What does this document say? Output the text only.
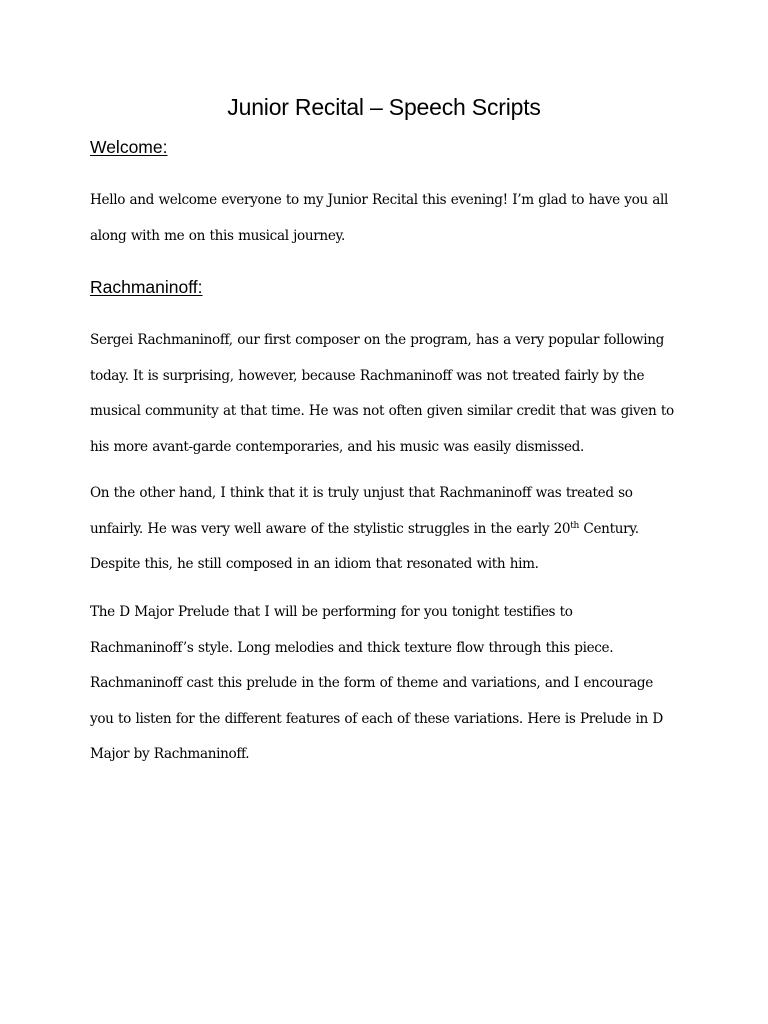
Junior Recital – Speech Scripts
Welcome:

Hello and welcome everyone to my Junior Recital this evening! I’m glad to have you all
along with me on this musical journey.

Rachmaninoff:

Sergei Rachmaninoff, our first composer on the program, has a very popular following
today. It is surprising, however, because Rachmaninoff was not treated fairly by the
musical community at that time. He was not often given similar credit that was given to
his more avant-garde contemporaries, and his music was easily dismissed.

On the other hand, I think that it is truly unjust that Rachmaninoff was treated so
unfairly. He was very well aware of the stylistic struggles in the early 20th Century.
Despite this, he still composed in an idiom that resonated with him.

The D Major Prelude that I will be performing for you tonight testifies to
Rachmaninoff’s style. Long melodies and thick texture flow through this piece.
Rachmaninoff cast this prelude in the form of theme and variations, and I encourage
you to listen for the different features of each of these variations. Here is Prelude in D
Major by Rachmaninoff.
